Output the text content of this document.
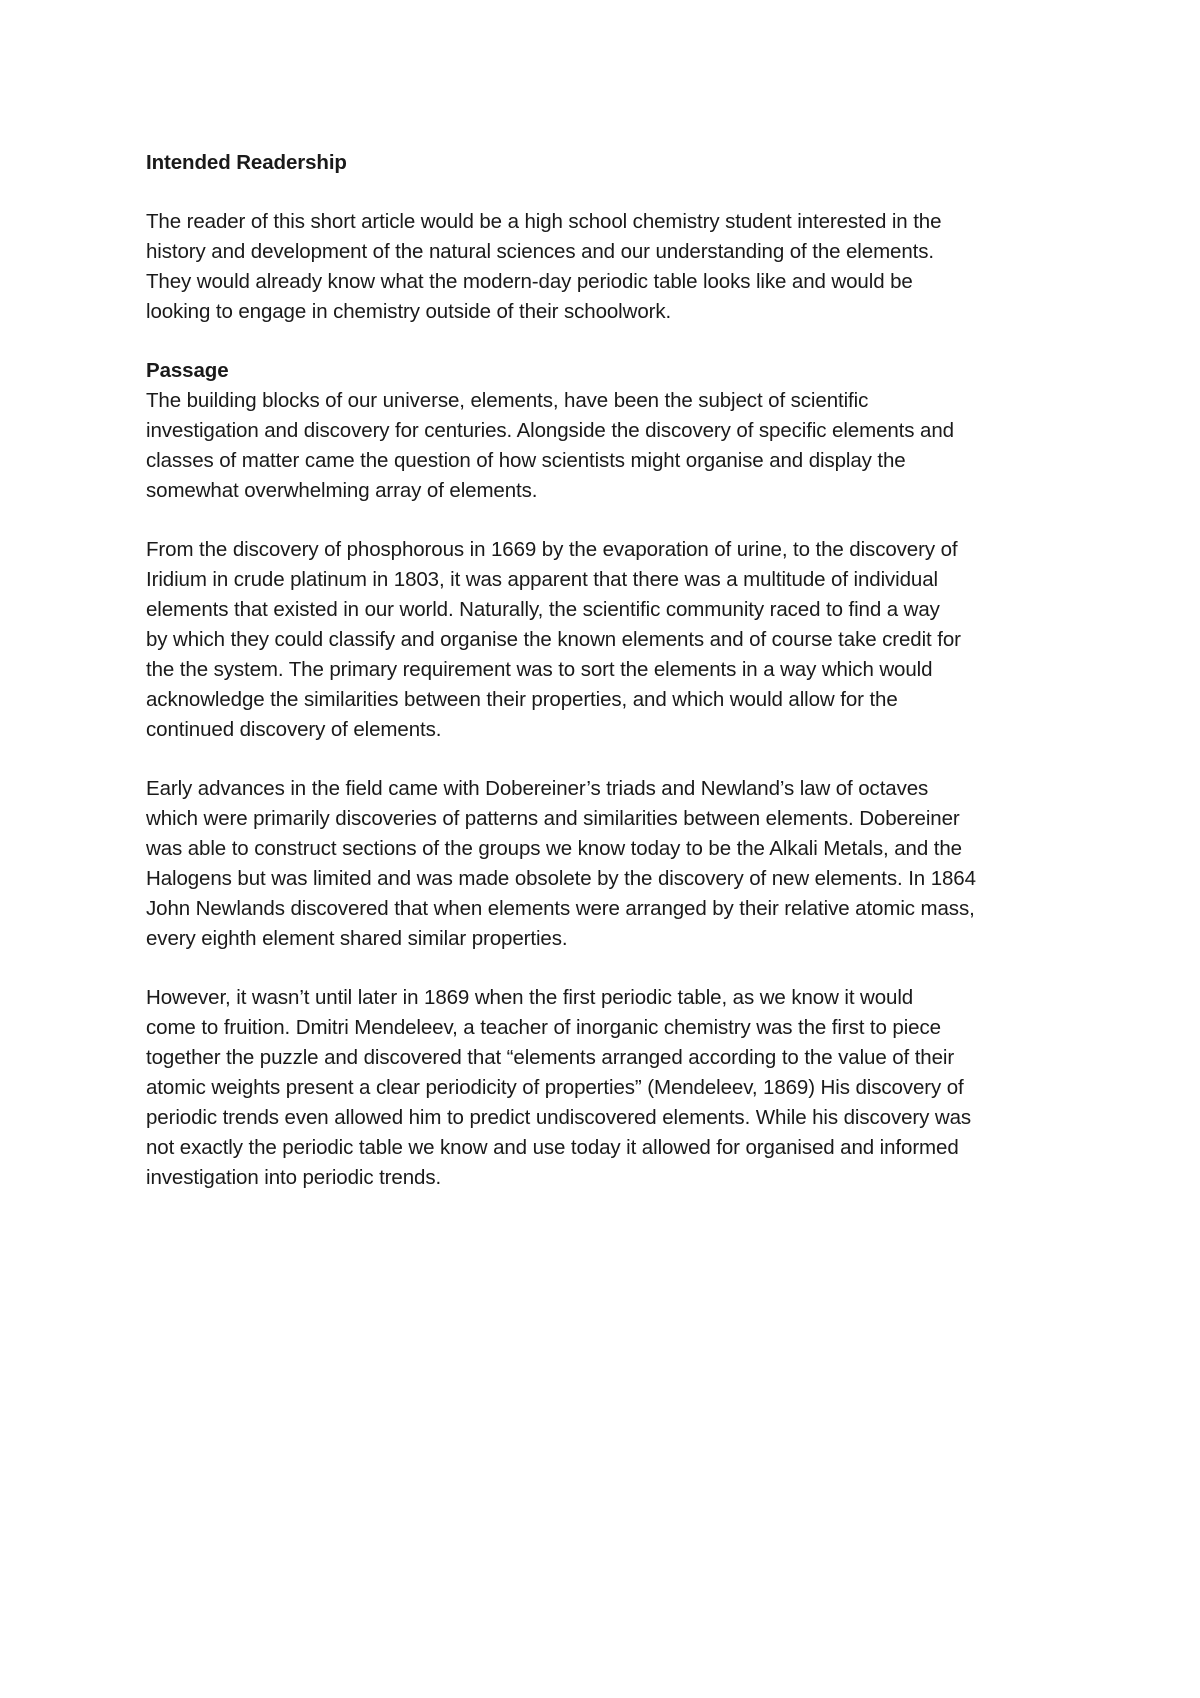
Intended Readership
The reader of this short article would be a high school chemistry student interested in the
history and development of the natural sciences and our understanding of the elements.
They would already know what the modern-day periodic table looks like and would be
looking to engage in chemistry outside of their schoolwork.
Passage
The building blocks of our universe, elements, have been the subject of scientific
investigation and discovery for centuries. Alongside the discovery of specific elements and
classes of matter came the question of how scientists might organise and display the
somewhat overwhelming array of elements.
From the discovery of phosphorous in 1669 by the evaporation of urine, to the discovery of
Iridium in crude platinum in 1803, it was apparent that there was a multitude of individual
elements that existed in our world. Naturally, the scientific community raced to find a way
by which they could classify and organise the known elements and of course take credit for
the the system. The primary requirement was to sort the elements in a way which would
acknowledge the similarities between their properties, and which would allow for the
continued discovery of elements.
Early advances in the field came with Dobereiner’s triads and Newland’s law of octaves
which were primarily discoveries of patterns and similarities between elements. Dobereiner
was able to construct sections of the groups we know today to be the Alkali Metals, and the
Halogens but was limited and was made obsolete by the discovery of new elements. In 1864
John Newlands discovered that when elements were arranged by their relative atomic mass,
every eighth element shared similar properties.
However, it wasn’t until later in 1869 when the first periodic table, as we know it would
come to fruition. Dmitri Mendeleev, a teacher of inorganic chemistry was the first to piece
together the puzzle and discovered that “elements arranged according to the value of their
atomic weights present a clear periodicity of properties” (Mendeleev, 1869) His discovery of
periodic trends even allowed him to predict undiscovered elements. While his discovery was
not exactly the periodic table we know and use today it allowed for organised and informed
investigation into periodic trends.
